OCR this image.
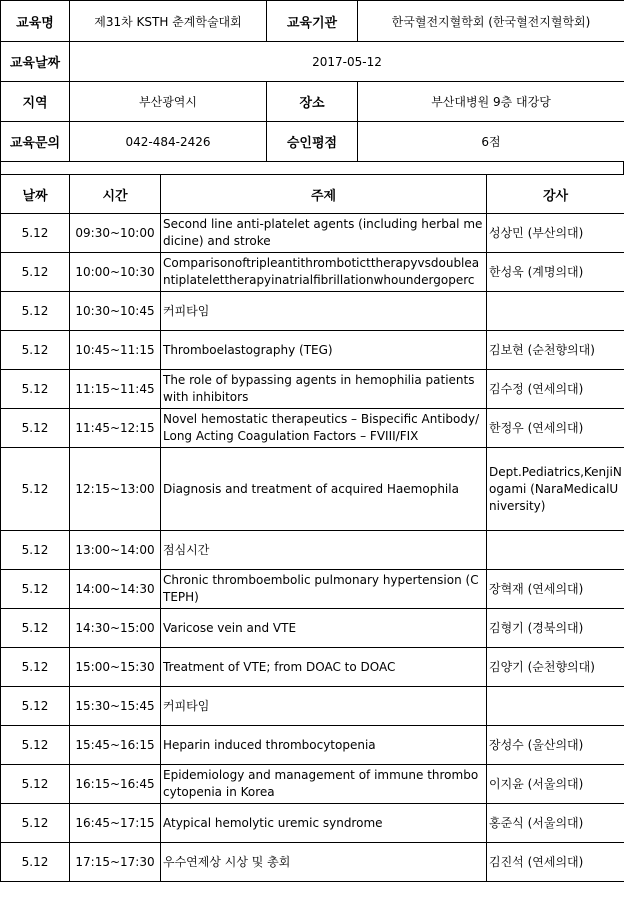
교육명	제31차 KSTH 춘계학술대회	교육기관	한국혈전지혈학회 (한국혈전지혈학회)
교육날짜	2017-05-12		
지역	부산광역시	장소	부산대병원 9층 대강당
교육문의	042-484-2426	승인평점	6점
날짜	시간	주제	강사
5.12	09:30~10:00	Second line anti-platelet agents (including herbal medicine) and stroke	성상민 (부산의대)
5.12	10:00~10:30	Comparisonoftripleantithromboticttherapyvsdoubleantiplatelettherapyinatrialfibrillationwhoundergoperc	한성욱 (계명의대)
5.12	10:30~10:45	커피타임	
5.12	10:45~11:15	Thromboelastography (TEG)	김보현 (순천향의대)
5.12	11:15~11:45	The role of bypassing agents in hemophilia patients with inhibitors	김수정 (연세의대)
5.12	11:45~12:15	Novel hemostatic therapeutics – Bispecific Antibody/Long Acting Coagulation Factors – FVIII/FIX	한정우 (연세의대)
5.12	12:15~13:00	Diagnosis and treatment of acquired Haemophila	Dept.Pediatrics,KenjiNogami (NaraMedicalUniversity)
5.12	13:00~14:00	점심시간	
5.12	14:00~14:30	Chronic thromboembolic pulmonary hypertension (CTEPH)	장혁재 (연세의대)
5.12	14:30~15:00	Varicose vein and VTE	김형기 (경북의대)
5.12	15:00~15:30	Treatment of VTE; from DOAC to DOAC	김양기 (순천향의대)
5.12	15:30~15:45	커피타임	
5.12	15:45~16:15	Heparin induced thrombocytopenia	장성수 (울산의대)
5.12	16:15~16:45	Epidemiology and management of immune thrombocytopenia in Korea	이지윤 (서울의대)
5.12	16:45~17:15	Atypical hemolytic uremic syndrome	홍준식 (서울의대)
5.12	17:15~17:30	우수연제상 시상 및 총회	김진석 (연세의대)
